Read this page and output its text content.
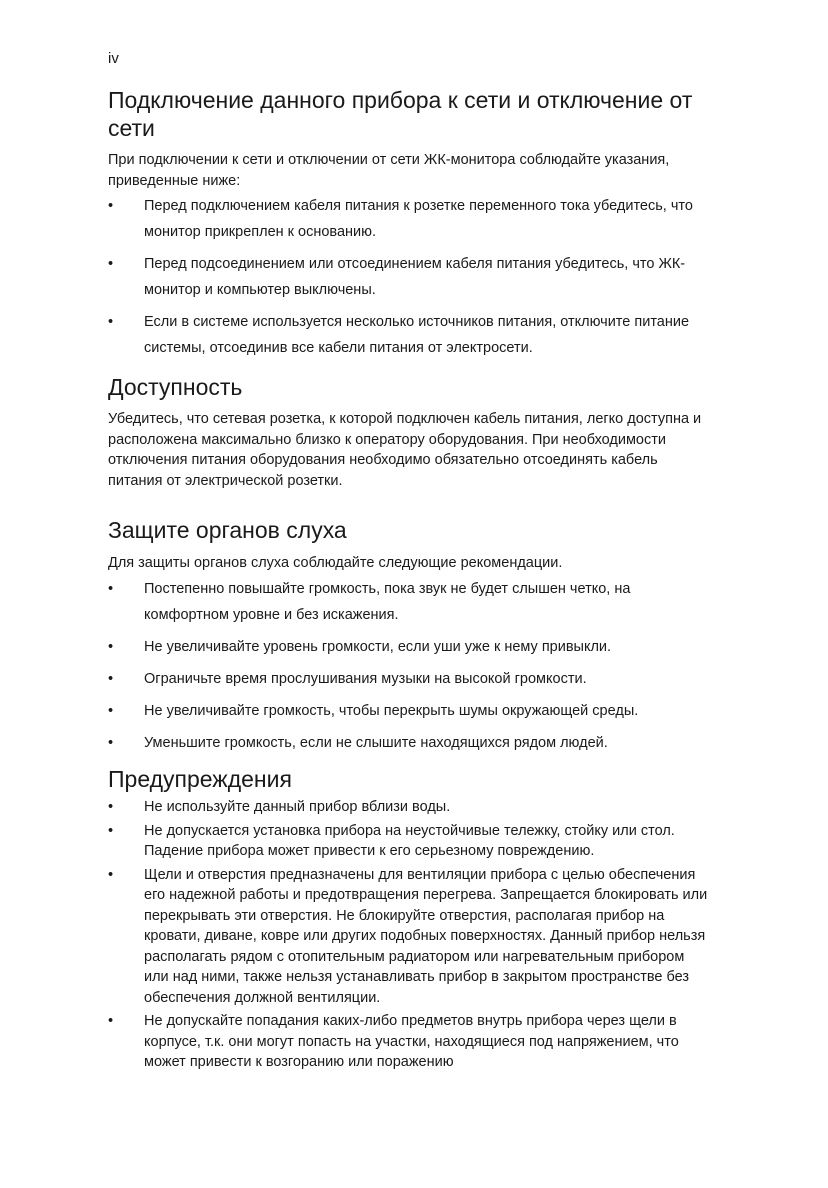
iv
Подключение данного прибора к сети и отключение от сети

При подключении к сети и отключении от сети ЖК-монитора соблюдайте указания, приведенные ниже:

• Перед подключением кабеля питания к розетке переменного тока убедитесь, что монитор прикреплен к основанию.
• Перед подсоединением или отсоединением кабеля питания убедитесь, что ЖК-монитор и компьютер выключены.
• Если в системе используется несколько источников питания, отключите питание системы, отсоединив все кабели питания от электросети.
Доступность

Убедитесь, что сетевая розетка, к которой подключен кабель питания, легко доступна и расположена максимально близко к оператору оборудования. При необходимости отключения питания оборудования необходимо обязательно отсоединять кабель питания от электрической розетки.

Защите органов слуха

Для защиты органов слуха соблюдайте следующие рекомендации.

• Постепенно повышайте громкость, пока звук не будет слышен четко, на комфортном уровне и без искажения.
• Не увеличивайте уровень громкости, если уши уже к нему привыкли.
• Ограничьте время прослушивания музыки на высокой громкости.
• Не увеличивайте громкость, чтобы перекрыть шумы окружающей среды.
• Уменьшите громкость, если не слышите находящихся рядом людей.
Предупреждения
• Не используйте данный прибор вблизи воды.
• Не допускается установка прибора на неустойчивые тележку, стойку или стол. Падение прибора может привести к его серьезному повреждению.
• Щели и отверстия предназначены для вентиляции прибора с целью обеспечения его надежной работы и предотвращения перегрева. Запрещается блокировать или перекрывать эти отверстия. Не блокируйте отверстия, располагая прибор на кровати, диване, ковре или других подобных поверхностях. Данный прибор нельзя располагать рядом с отопительным радиатором или нагревательным прибором или над ними, также нельзя устанавливать прибор в закрытом пространстве без обеспечения должной вентиляции.
• Не допускайте попадания каких-либо предметов внутрь прибора через щели в корпусе, т.к. они могут попасть на участки, находящиеся под напряжением, что может привести к возгоранию или поражению
